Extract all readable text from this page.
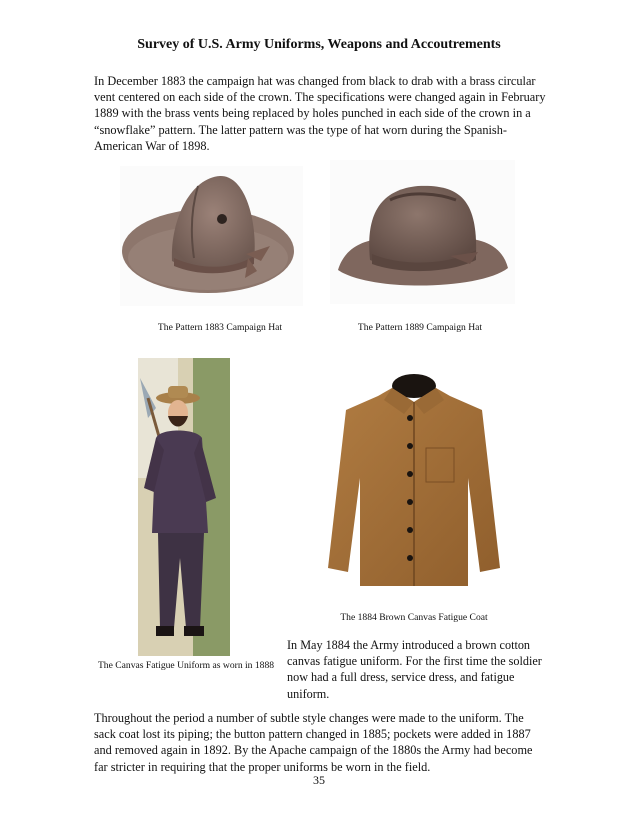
Survey of U.S. Army Uniforms, Weapons and Accoutrements

In December 1883 the campaign hat was changed from black to drab with a brass circular vent centered on each side of the crown. The specifications were changed again in February 1889 with the brass vents being replaced by holes punched in each side of the crown in a “snowflake” pattern. The latter pattern was the type of hat worn during the Spanish- American War of 1898.

The Pattern 1883 Campaign Hat	The Pattern 1889 Campaign Hat
The 1884 Brown Canvas Fatigue Coat
The Canvas Fatigue Uniform as worn in 1888

In May 1884 the Army introduced a brown cotton canvas fatigue uniform. For the first time the soldier now had a full dress, service dress, and fatigue uniform.

Throughout the period a number of subtle style changes were made to the uniform. The sack coat lost its piping; the button pattern changed in 1885; pockets were added in 1887 and removed again in 1892. By the Apache campaign of the 1880s the Army had become far stricter in requiring that the proper uniforms be worn in the field.

35
